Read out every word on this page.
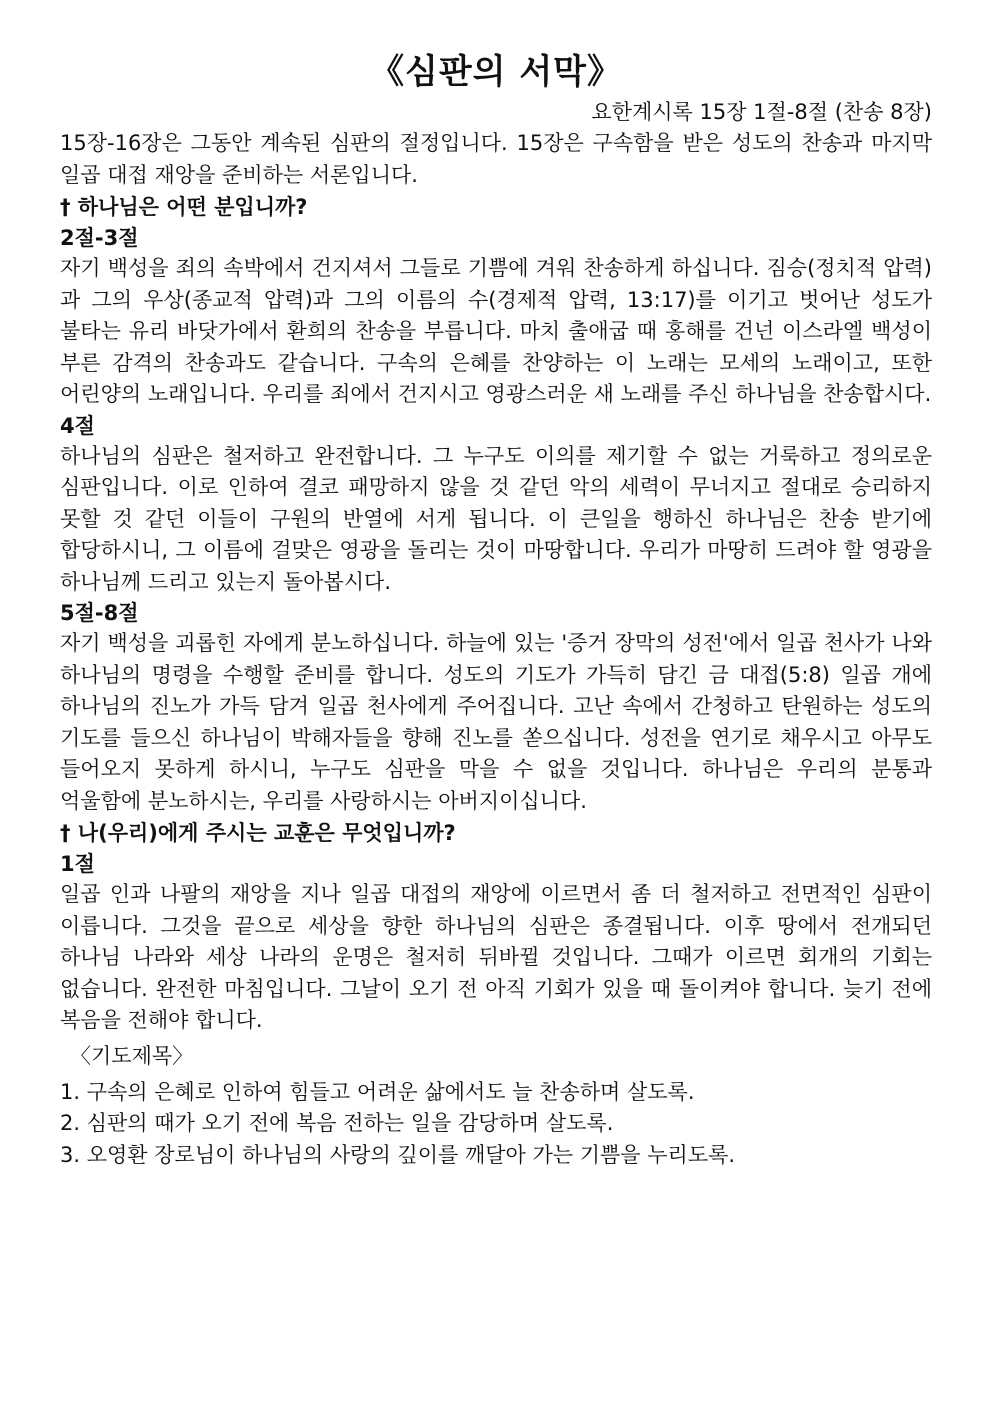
《심판의 서막》

요한계시록 15장 1절-8절 (찬송 8장)

15장-16장은 그동안 계속된 심판의 절정입니다. 15장은 구속함을 받은 성도의 찬송과 마지막 일곱 대접 재앙을 준비하는 서론입니다.

† 하나님은 어떤 분입니까?

2절-3절

자기 백성을 죄의 속박에서 건지셔서 그들로 기쁨에 겨워 찬송하게 하십니다. 짐승(정치적 압력)과 그의 우상(종교적 압력)과 그의 이름의 수(경제적 압력, 13:17)를 이기고 벗어난 성도가 불타는 유리 바닷가에서 환희의 찬송을 부릅니다. 마치 출애굽 때 홍해를 건넌 이스라엘 백성이 부른 감격의 찬송과도 같습니다. 구속의 은혜를 찬양하는 이 노래는 모세의 노래이고, 또한 어린양의 노래입니다. 우리를 죄에서 건지시고 영광스러운 새 노래를 주신 하나님을 찬송합시다.

4절

하나님의 심판은 철저하고 완전합니다. 그 누구도 이의를 제기할 수 없는 거룩하고 정의로운 심판입니다. 이로 인하여 결코 패망하지 않을 것 같던 악의 세력이 무너지고 절대로 승리하지 못할 것 같던 이들이 구원의 반열에 서게 됩니다. 이 큰일을 행하신 하나님은 찬송 받기에 합당하시니, 그 이름에 걸맞은 영광을 돌리는 것이 마땅합니다. 우리가 마땅히 드려야 할 영광을 하나님께 드리고 있는지 돌아봅시다.

5절-8절

자기 백성을 괴롭힌 자에게 분노하십니다. 하늘에 있는 '증거 장막의 성전'에서 일곱 천사가 나와 하나님의 명령을 수행할 준비를 합니다. 성도의 기도가 가득히 담긴 금 대접(5:8) 일곱 개에 하나님의 진노가 가득 담겨 일곱 천사에게 주어집니다. 고난 속에서 간청하고 탄원하는 성도의 기도를 들으신 하나님이 박해자들을 향해 진노를 쏟으십니다. 성전을 연기로 채우시고 아무도 들어오지 못하게 하시니, 누구도 심판을 막을 수 없을 것입니다. 하나님은 우리의 분통과 억울함에 분노하시는, 우리를 사랑하시는 아버지이십니다.

† 나(우리)에게 주시는 교훈은 무엇입니까?

1절

일곱 인과 나팔의 재앙을 지나 일곱 대접의 재앙에 이르면서 좀 더 철저하고 전면적인 심판이 이릅니다. 그것을 끝으로 세상을 향한 하나님의 심판은 종결됩니다. 이후 땅에서 전개되던 하나님 나라와 세상 나라의 운명은 철저히 뒤바뀔 것입니다. 그때가 이르면 회개의 기회는 없습니다. 완전한 마침입니다. 그날이 오기 전 아직 기회가 있을 때 돌이켜야 합니다. 늦기 전에 복음을 전해야 합니다.

〈기도제목〉

1. 구속의 은혜로 인하여 힘들고 어려운 삶에서도 늘 찬송하며 살도록.
2. 심판의 때가 오기 전에 복음 전하는 일을 감당하며 살도록.
3. 오영환 장로님이 하나님의 사랑의 깊이를 깨달아 가는 기쁨을 누리도록.
